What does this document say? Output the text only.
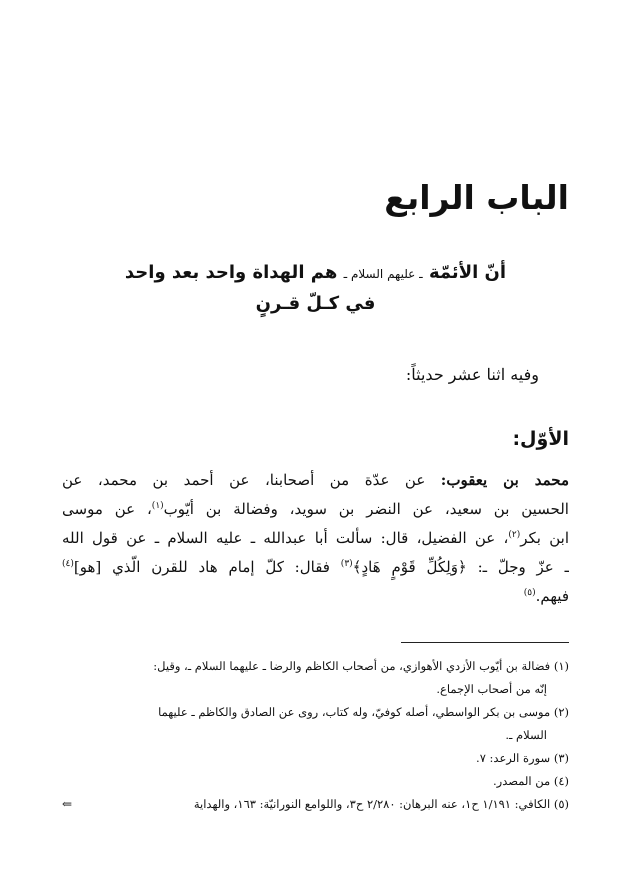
الباب الرابع
أنّ الأئمّة ـ عليهم السلام ـ هم الهداة واحد بعد واحد
في كـلّ قـرنٍ
وفيه اثنا عشر حديثاً:
الأوّل:
محمد بن يعقوب: عن عدّة من أصحابنا، عن أحمد بن محمد، عن
الحسين بن سعيد، عن النضر بن سويد، وفضالة بن أيّوب$^{(١)}$، عن موسى
ابن بكر$^{(٢)}$، عن الفضيل، قال: سألت أبا عبدالله ـ عليه السلام ـ عن قول الله
ـ عزّ وجلّ ـ: ﴿وَلِكُلِّ قَوْمٍ هَادٍ﴾$^{(٣)}$ فقال: كلّ إمام هاد للقرن الّذي [هو]$^{(٤)}$
فيهم.$^{(٥)}$
(١) فضالة بن أيّوب الأزدي الأهوازي، من أصحاب الكاظم والرضا ـ عليهما السلام ـ، وقيل:
إنّه من أصحاب الإجماع.
(٢) موسى بن بكر الواسطي، أصله كوفيّ، وله كتاب، روى عن الصادق والكاظم ـ عليهما
السلام ـ.
(٣) سورة الرعد: ٧.
(٤) من المصدر.
(٥) الكافي: ١/١٩١ ح١، عنه البرهان: ٢/٢٨٠ ح٣، واللوامع النورانيّة: ١٦٣، والهداية
⇐
